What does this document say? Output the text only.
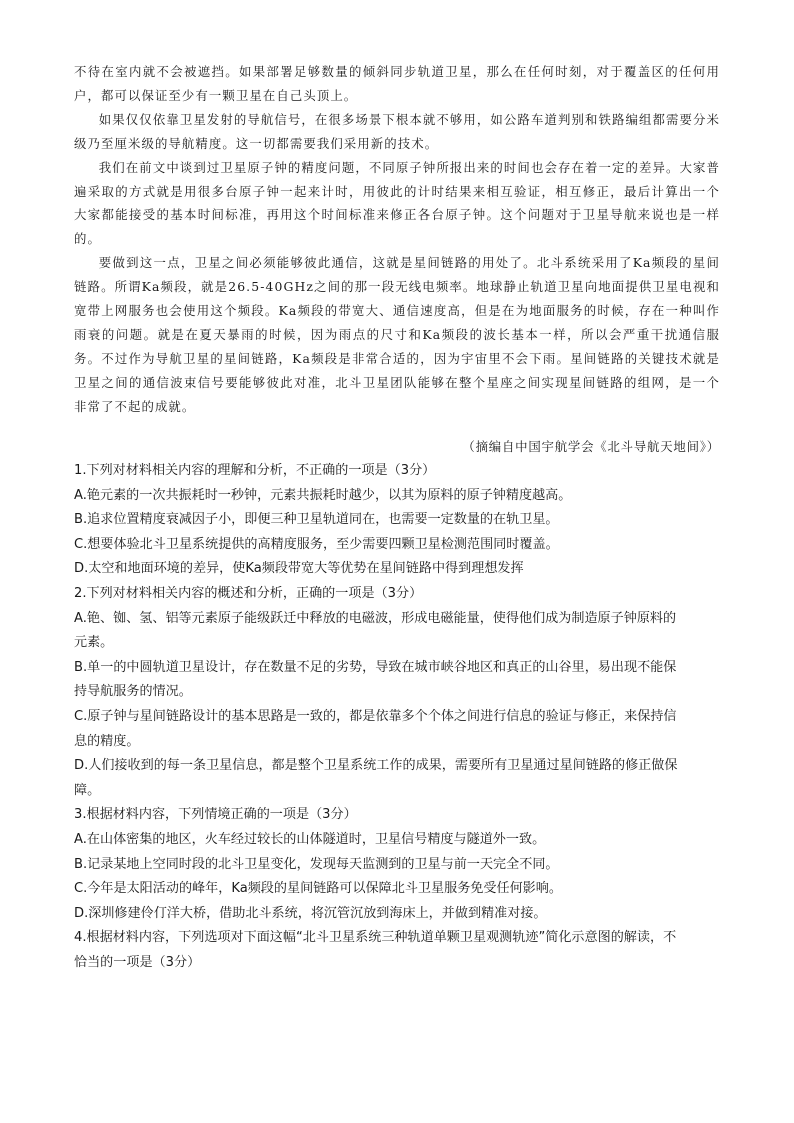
不待在室内就不会被遮挡。如果部署足够数量的倾斜同步轨道卫星，那么在任何时刻，对于覆盖区的任何用户，都可以保证至少有一颗卫星在自己头顶上。

如果仅仅依靠卫星发射的导航信号，在很多场景下根本就不够用，如公路车道判别和铁路编组都需要分米级乃至厘米级的导航精度。这一切都需要我们采用新的技术。

我们在前文中谈到过卫星原子钟的精度问题，不同原子钟所报出来的时间也会存在着一定的差异。大家普遍采取的方式就是用很多台原子钟一起来计时，用彼此的计时结果来相互验证，相互修正，最后计算出一个大家都能接受的基本时间标准，再用这个时间标准来修正各台原子钟。这个问题对于卫星导航来说也是一样的。

要做到这一点，卫星之间必须能够彼此通信，这就是星间链路的用处了。北斗系统采用了Ka频段的星间链路。所谓Ka频段，就是26.5-40GHz之间的那一段无线电频率。地球静止轨道卫星向地面提供卫星电视和宽带上网服务也会使用这个频段。Ka频段的带宽大、通信速度高，但是在为地面服务的时候，存在一种叫作雨衰的问题。就是在夏天暴雨的时候，因为雨点的尺寸和Ka频段的波长基本一样，所以会严重干扰通信服务。不过作为导航卫星的星间链路，Ka频段是非常合适的，因为宇宙里不会下雨。星间链路的关键技术就是卫星之间的通信波束信号要能够彼此对准，北斗卫星团队能够在整个星座之间实现星间链路的组网，是一个非常了不起的成就。

（摘编自中国宇航学会《北斗导航天地间》）

1.下列对材料相关内容的理解和分析，不正确的一项是（3分）

A.铯元素的一次共振耗时一秒钟，元素共振耗时越少，以其为原料的原子钟精度越高。

B.追求位置精度衰减因子小，即便三种卫星轨道同在，也需要一定数量的在轨卫星。

C.想要体验北斗卫星系统提供的高精度服务，至少需要四颗卫星检测范围同时覆盖。

D.太空和地面环境的差异，使Ka频段带宽大等优势在星间链路中得到理想发挥

2.下列对材料相关内容的概述和分析，正确的一项是（3分）

A.铯、铷、氢、铝等元素原子能级跃迁中释放的电磁波，形成电磁能量，使得他们成为制造原子钟原料的

元素。

B.单一的中圆轨道卫星设计，存在数量不足的劣势，导致在城市峡谷地区和真正的山谷里，易出现不能保

持导航服务的情况。

C.原子钟与星间链路设计的基本思路是一致的，都是依靠多个个体之间进行信息的验证与修正，来保持信

息的精度。

D.人们接收到的每一条卫星信息，都是整个卫星系统工作的成果，需要所有卫星通过星间链路的修正做保

障。

3.根据材料内容，下列情境正确的一项是（3分）

A.在山体密集的地区，火车经过较长的山体隧道时，卫星信号精度与隧道外一致。

B.记录某地上空同时段的北斗卫星变化，发现每天监测到的卫星与前一天完全不同。

C.今年是太阳活动的峰年，Ka频段的星间链路可以保障北斗卫星服务免受任何影响。

D.深圳修建伶仃洋大桥，借助北斗系统，将沉管沉放到海床上，并做到精准对接。

4.根据材料内容，下列选项对下面这幅“北斗卫星系统三种轨道单颗卫星观测轨迹”简化示意图的解读，不

恰当的一项是（3分）
